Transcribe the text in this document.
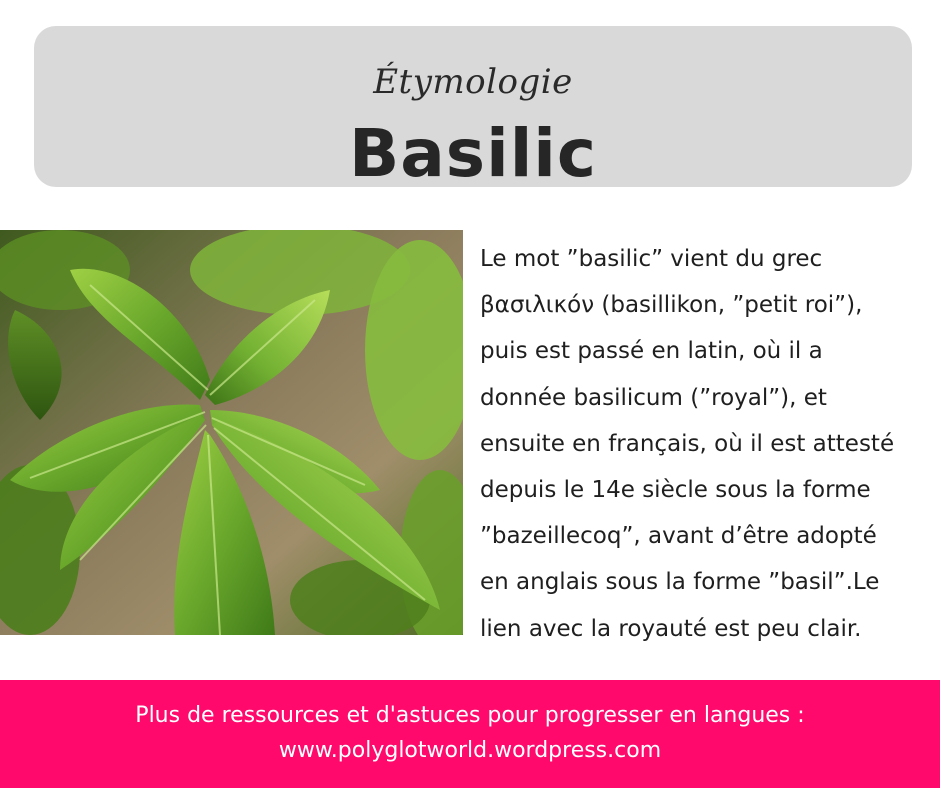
Étymologie
Basilic
Le mot ”basilic” vient du grec
βασιλικόν (basillikon, ”petit roi”),
puis est passé en latin, où il a
donnée basilicum (”royal”), et
ensuite en français, où il est attesté
depuis le 14e siècle sous la forme
”bazeillecoq”, avant d’être adopté
en anglais sous la forme ”basil”.Le
lien avec la royauté est peu clair.
Plus de ressources et d'astuces pour progresser en langues :
www.polyglotworld.wordpress.com
